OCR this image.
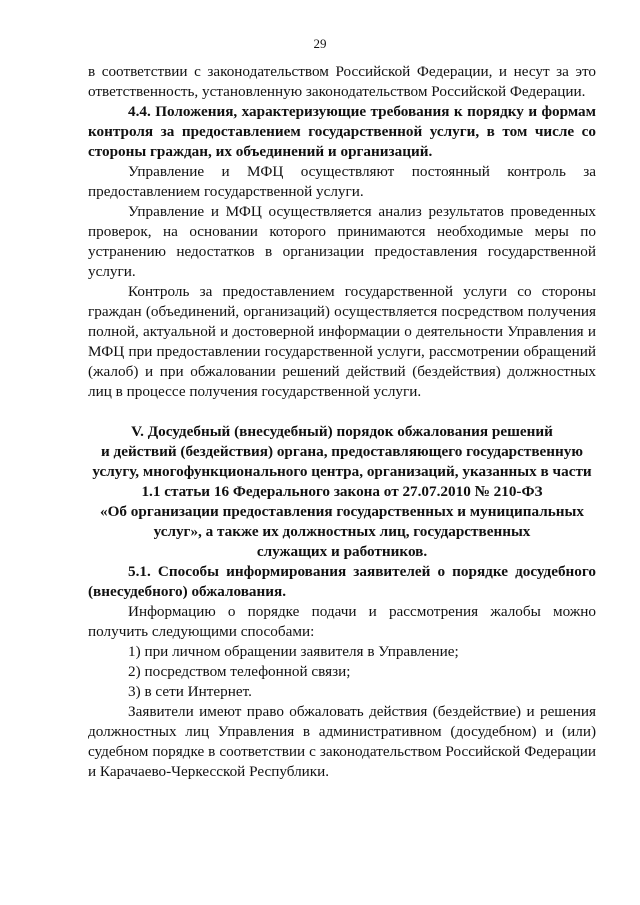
29

в соответствии с законодательством Российской Федерации, и несут за это ответственность, установленную законодательством Российской Федерации.

4.4. Положения, характеризующие требования к порядку и формам контроля за предоставлением государственной услуги, в том числе со стороны граждан, их объединений и организаций.

Управление и МФЦ осуществляют постоянный контроль за предоставлением государственной услуги.

Управление и МФЦ осуществляется анализ результатов проведенных проверок, на основании которого принимаются необходимые меры по устранению недостатков в организации предоставления государственной услуги.

Контроль за предоставлением государственной услуги со стороны граждан (объединений, организаций) осуществляется посредством получения полной, актуальной и достоверной информации о деятельности Управления и МФЦ при предоставлении государственной услуги, рассмотрении обращений (жалоб) и при обжаловании решений действий (бездействия) должностных лиц в процессе получения государственной услуги.

V. Досудебный (внесудебный) порядок обжалования решений
и действий (бездействия) органа, предоставляющего государственную
услугу, многофункционального центра, организаций, указанных в части
1.1 статьи 16 Федерального закона от 27.07.2010 № 210-ФЗ
«Об организации предоставления государственных и муниципальных
услуг», а также их должностных лиц, государственных
служащих и работников.

5.1. Способы информирования заявителей о порядке досудебного (внесудебного) обжалования.

Информацию о порядке подачи и рассмотрения жалобы можно получить следующими способами:

1) при личном обращении заявителя в Управление;

2) посредством телефонной связи;

3) в сети Интернет.

Заявители имеют право обжаловать действия (бездействие) и решения должностных лиц Управления в административном (досудебном) и (или) судебном порядке в соответствии с законодательством Российской Федерации и Карачаево-Черкесской Республики.
